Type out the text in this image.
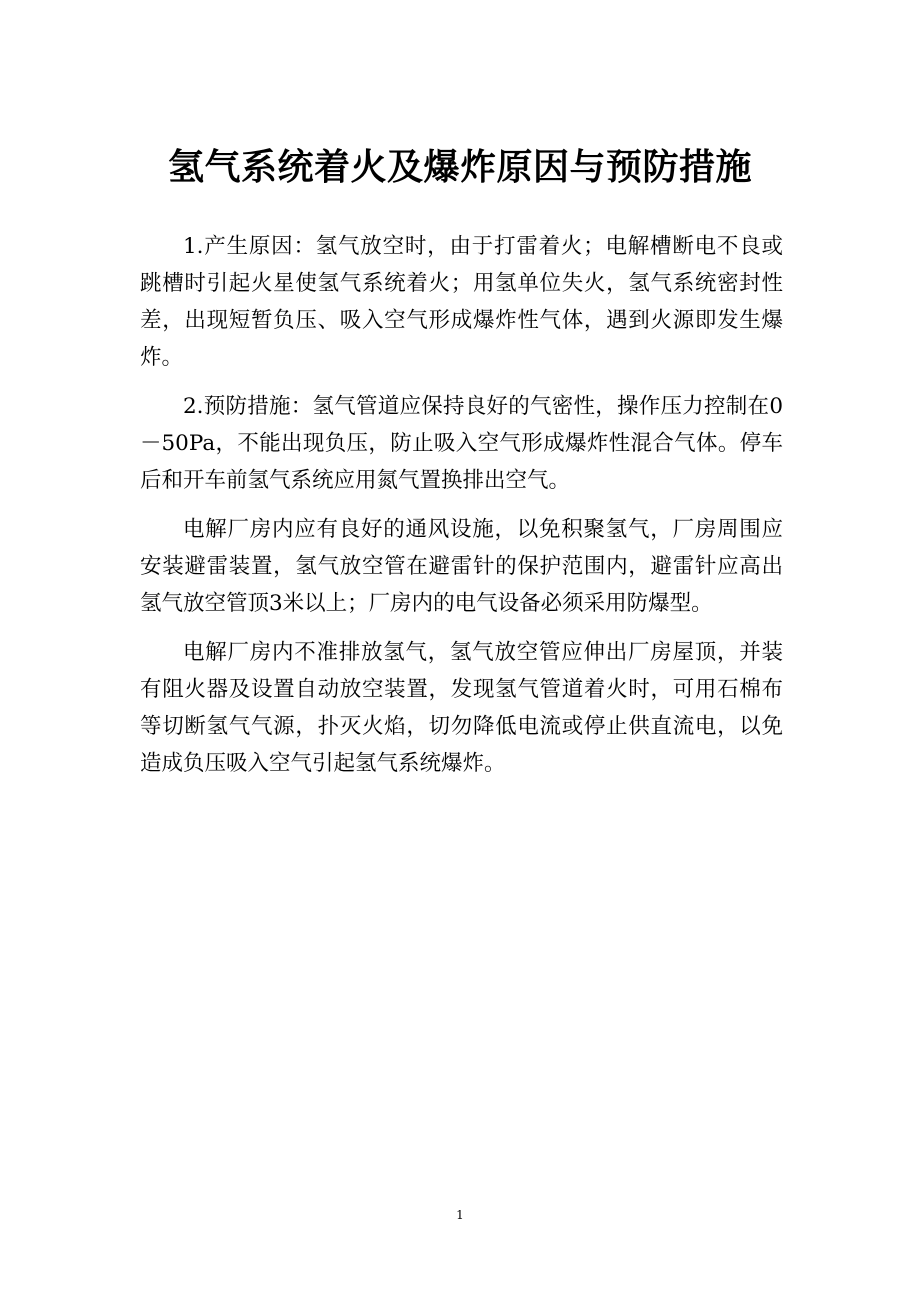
氢气系统着火及爆炸原因与预防措施

1.产生原因：氢气放空时，由于打雷着火；电解槽断电不良或跳槽时引起火星使氢气系统着火；用氢单位失火，氢气系统密封性差，出现短暂负压、吸入空气形成爆炸性气体，遇到火源即发生爆炸。

2.预防措施：氢气管道应保持良好的气密性，操作压力控制在0－50Pa，不能出现负压，防止吸入空气形成爆炸性混合气体。停车后和开车前氢气系统应用氮气置换排出空气。

电解厂房内应有良好的通风设施，以免积聚氢气，厂房周围应安装避雷装置，氢气放空管在避雷针的保护范围内，避雷针应高出氢气放空管顶3米以上；厂房内的电气设备必须采用防爆型。

电解厂房内不准排放氢气，氢气放空管应伸出厂房屋顶，并装有阻火器及设置自动放空装置，发现氢气管道着火时，可用石棉布等切断氢气气源，扑灭火焰，切勿降低电流或停止供直流电，以免造成负压吸入空气引起氢气系统爆炸。

1
